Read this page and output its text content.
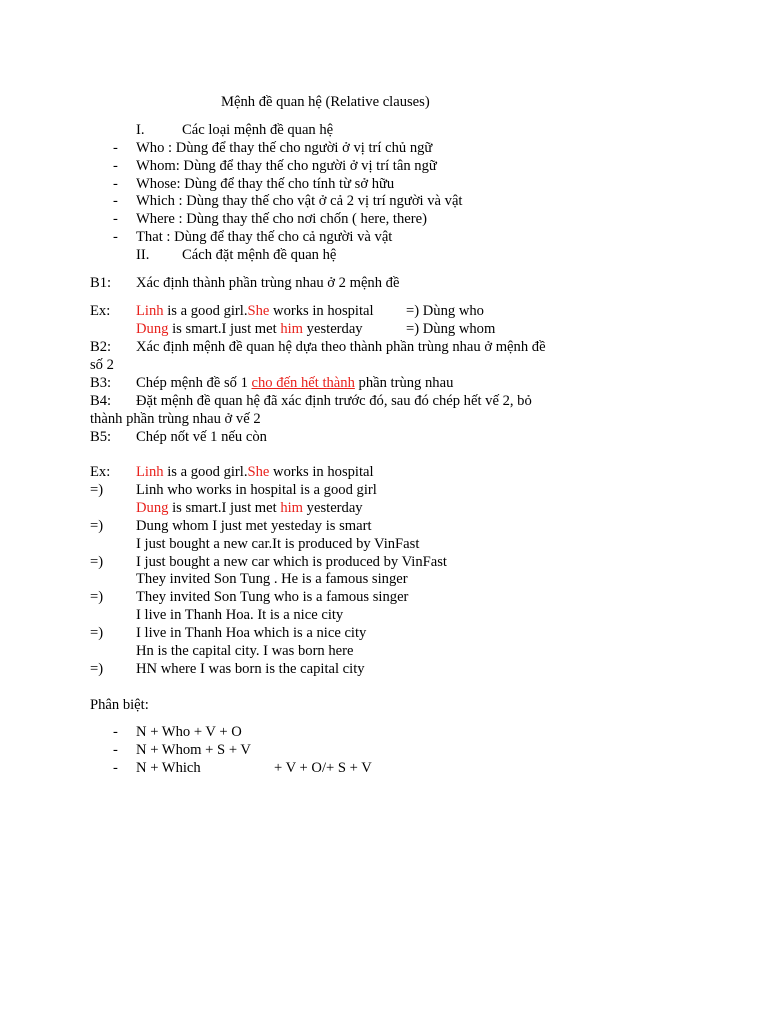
Mệnh đề quan hệ (Relative clauses)
I.	Các loại mệnh đề quan hệ
- Who : Dùng để thay thế cho người ở vị trí chủ ngữ
- Whom: Dùng để thay thế cho người ở vị trí tân ngữ
- Whose: Dùng để thay thế cho tính từ sở hữu
- Which : Dùng thay thế cho vật ở cả 2 vị trí người và vật
- Where : Dùng thay thế cho nơi chốn ( here, there)
- That : Dùng để thay thế cho cả người và vật
II. Cách đặt mệnh đề quan hệ
B1: Xác định thành phần trùng nhau ở 2 mệnh đề
Ex: Linh is a good girl.She works in hospital =) Dùng who
Dung is smart.I just met him yesterday	=) Dùng whom
B2: Xác định mệnh đề quan hệ dựa theo thành phần trùng nhau ở mệnh đề
số 2
B3: Chép mệnh đề số 1 cho đến hết thành phần trùng nhau
B4: Đặt mệnh đề quan hệ đã xác định trước đó, sau đó chép hết vế 2, bỏ
thành phần trùng nhau ở vế 2
B5: Chép nốt vế 1 nếu còn
Ex: Linh is a good girl.She works in hospital
=) Linh who works in hospital is a good girl
Dung is smart.I just met him yesterday
=) Dung whom I just met yesteday is smart
I just bought a new car.It is produced by VinFast
=) I just bought a new car which is produced by VinFast
They invited Son Tung . He is a famous singer
=) They invited Son Tung who is a famous singer
I live in Thanh Hoa. It is a nice city
=) I live in Thanh Hoa which is a nice city
Hn is the capital city. I was born here
=) HN where I was born is the capital city
Phân biệt:
- N + Who + V + O
- N + Whom + S + V
- N + Which	+ V + O/+ S + V
